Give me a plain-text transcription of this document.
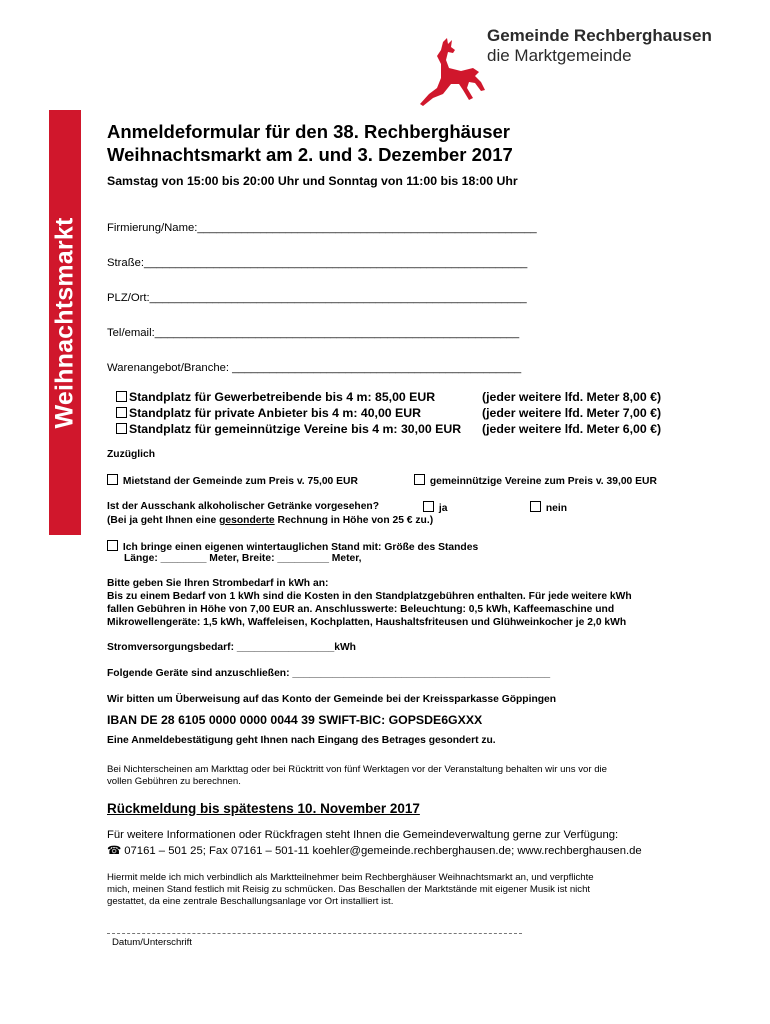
Gemeinde Rechberghausen
die Marktgemeinde
Weihnachtsmarkt
Anmeldeformular für den 38. Rechberghäuser
Weihnachtsmarkt am 2. und 3. Dezember 2017
Samstag von 15:00 bis 20:00 Uhr und Sonntag von 11:00 bis 18:00 Uhr
Firmierung/Name:______________________________________________________
Straße:_____________________________________________________________
PLZ/Ort:____________________________________________________________
Tel/email:__________________________________________________________
Warenangebot/Branche: ______________________________________________
Standplatz für Gewerbetreibende bis 4 m: 85,00 EUR	(jeder weitere lfd. Meter 8,00 €)
Standplatz für private Anbieter bis 4 m: 40,00 EUR	(jeder weitere lfd. Meter 7,00 €)
Standplatz für gemeinnützige Vereine bis 4 m: 30,00 EUR (jeder weitere lfd. Meter 6,00 €)
Zuzüglich
Mietstand der Gemeinde zum Preis v. 75,00 EUR	gemeinnützige Vereine zum Preis v. 39,00 EUR
Ist der Ausschank alkoholischer Getränke vorgesehen?	ja	nein
(Bei ja geht Ihnen eine gesonderte Rechnung in Höhe von 25 € zu.)
Ich bringe einen eigenen wintertauglichen Stand mit: Größe des Standes
Länge: ________ Meter, Breite: _________ Meter,
Bitte geben Sie Ihren Strombedarf in kWh an:
Bis zu einem Bedarf von 1 kWh sind die Kosten in den Standplatzgebühren enthalten. Für jede weitere kWh
fallen Gebühren in Höhe von 7,00 EUR an. Anschlusswerte: Beleuchtung: 0,5 kWh, Kaffeemaschine und
Mikrowellengeräte: 1,5 kWh, Waffeleisen, Kochplatten, Haushaltsfriteusen und Glühweinkocher je 2,0 kWh
Stromversorgungsbedarf: _________________kWh
Folgende Geräte sind anzuschließen: _____________________________________________
Wir bitten um Überweisung auf das Konto der Gemeinde bei der Kreissparkasse Göppingen
IBAN DE 28 6105 0000 0000 0044 39 SWIFT-BIC: GOPSDE6GXXX
Eine Anmeldebestätigung geht Ihnen nach Eingang des Betrages gesondert zu.
Bei Nichterscheinen am Markttag oder bei Rücktritt von fünf Werktagen vor der Veranstaltung behalten wir uns vor die
vollen Gebühren zu berechnen.
Rückmeldung bis spätestens 10. November 2017
Für weitere Informationen oder Rückfragen steht Ihnen die Gemeindeverwaltung gerne zur Verfügung:
☎ 07161 – 501 25; Fax 07161 – 501-11 koehler@gemeinde.rechberghausen.de; www.rechberghausen.de
Hiermit melde ich mich verbindlich als Marktteilnehmer beim Rechberghäuser Weihnachtsmarkt an, und verpflichte
mich, meinen Stand festlich mit Reisig zu schmücken. Das Beschallen der Marktstände mit eigener Musik ist nicht
gestattet, da eine zentrale Beschallungsanlage vor Ort installiert ist.
Datum/Unterschrift
